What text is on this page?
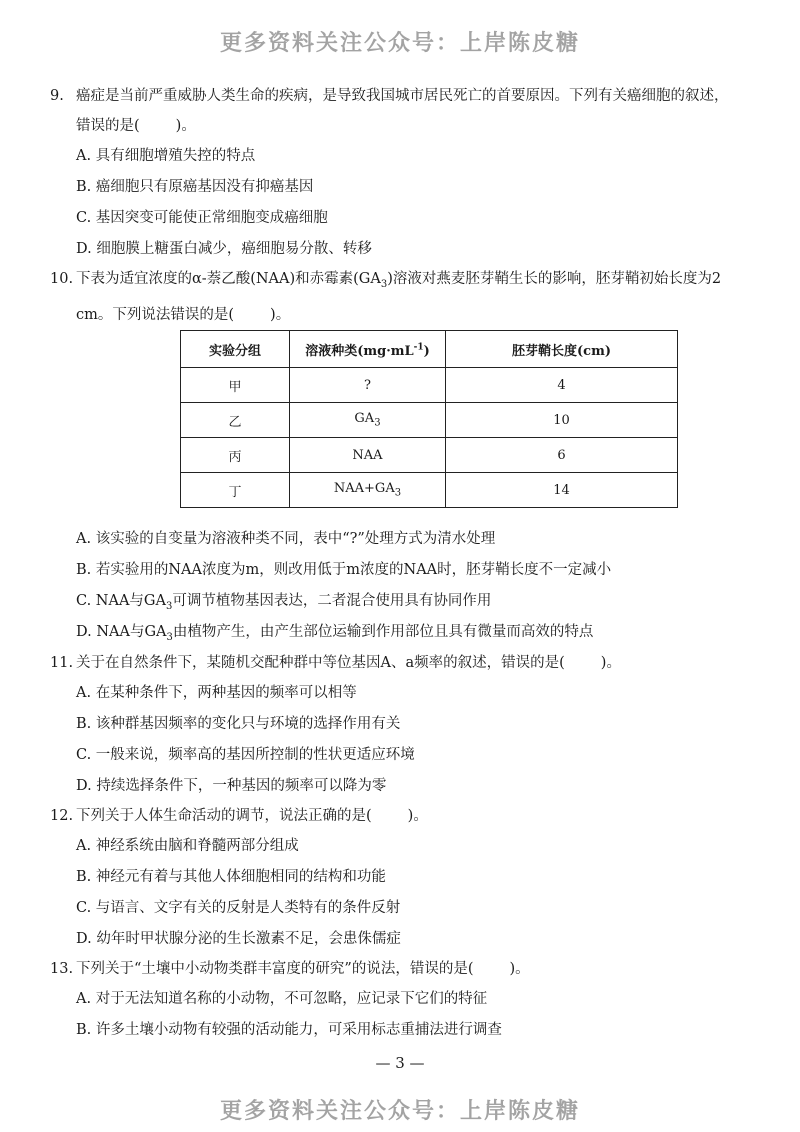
更多资料关注公众号：上岸陈皮糖
9. 癌症是当前严重威胁人类生命的疾病，是导致我国城市居民死亡的首要原因。下列有关癌细胞的叙述，错误的是( )。
A. 具有细胞增殖失控的特点
B. 癌细胞只有原癌基因没有抑癌基因
C. 基因突变可能使正常细胞变成癌细胞
D. 细胞膜上糖蛋白减少，癌细胞易分散、转移
10. 下表为适宜浓度的α-萘乙酸(NAA)和赤霉素$(GA_3)$溶液对燕麦胚芽鞘生长的影响，胚芽鞘初始长度为2 cm。下列说法错误的是( )。
实验分组	溶液种类$(mg\cdot mL^{-1})$	胚芽鞘长度(cm)
甲	?	4
乙	$GA_3$	10
丙	NAA	6
丁	$NAA+GA_3$	14
A. 该实验的自变量为溶液种类不同，表中“?”处理方式为清水处理
B. 若实验用的NAA浓度为m，则改用低于m浓度的NAA时，胚芽鞘长度不一定减小
C. NAA与$GA_3$可调节植物基因表达，二者混合使用具有协同作用
D. NAA与$GA_3$由植物产生，由产生部位运输到作用部位且具有微量而高效的特点
11. 关于在自然条件下，某随机交配种群中等位基因A、a频率的叙述，错误的是( )。
A. 在某种条件下，两种基因的频率可以相等
B. 该种群基因频率的变化只与环境的选择作用有关
C. 一般来说，频率高的基因所控制的性状更适应环境
D. 持续选择条件下，一种基因的频率可以降为零
12. 下列关于人体生命活动的调节，说法正确的是( )。
A. 神经系统由脑和脊髓两部分组成
B. 神经元有着与其他人体细胞相同的结构和功能
C. 与语言、文字有关的反射是人类特有的条件反射
D. 幼年时甲状腺分泌的生长激素不足，会患侏儒症
13. 下列关于“土壤中小动物类群丰富度的研究”的说法，错误的是( )。
A. 对于无法知道名称的小动物，不可忽略，应记录下它们的特征
B. 许多土壤小动物有较强的活动能力，可采用标志重捕法进行调查
— 3 —
更多资料关注公众号：上岸陈皮糖
